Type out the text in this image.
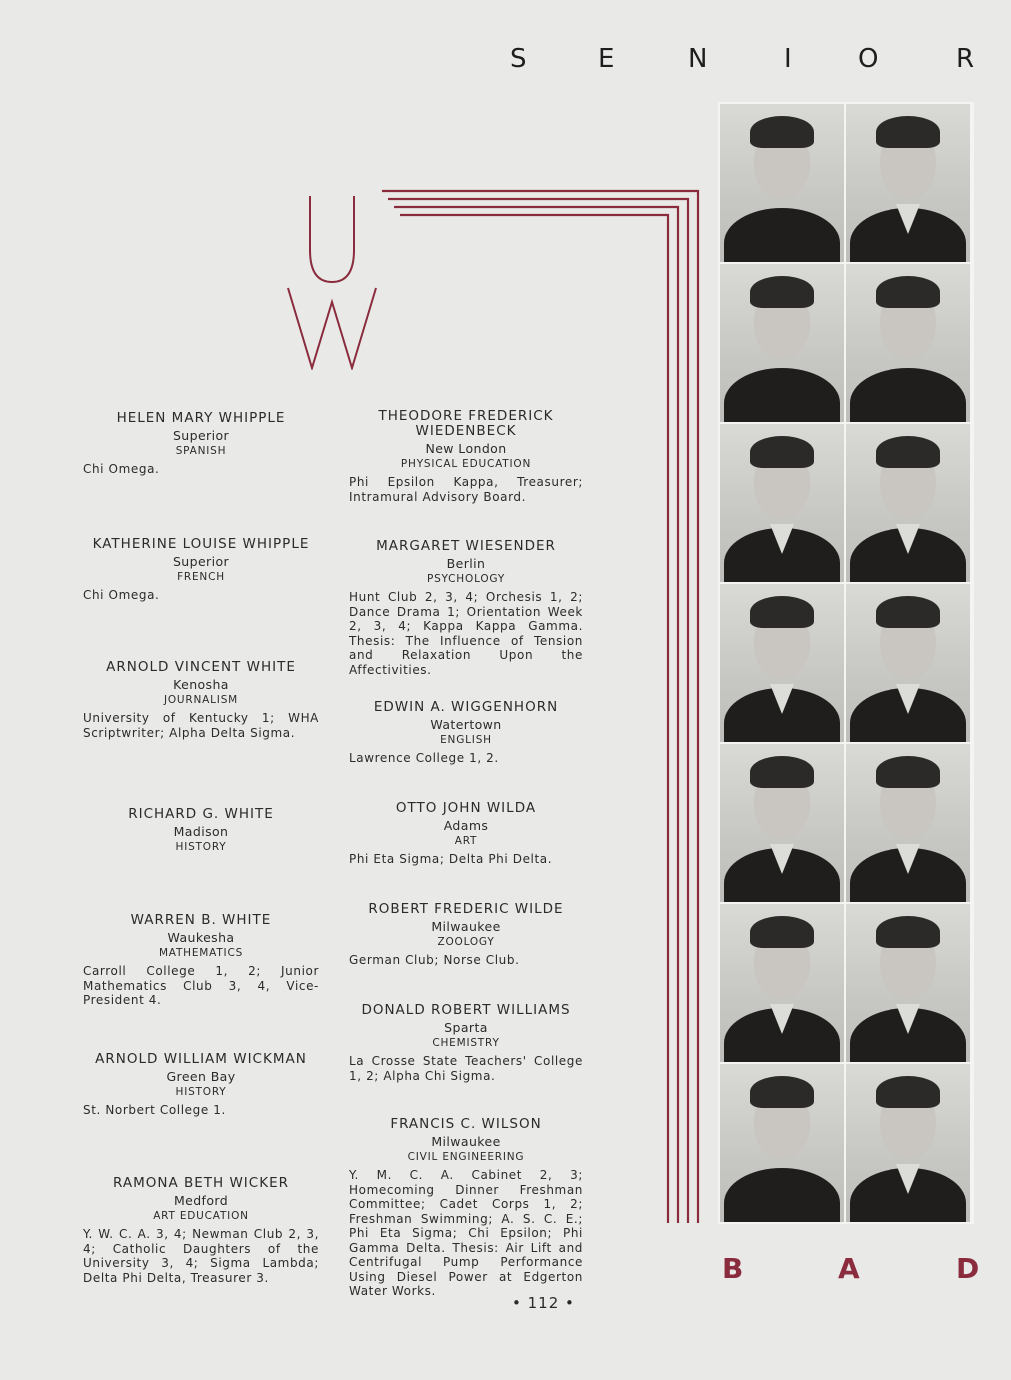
S	E	N	I	O	R
HELEN MARY WHIPPLE
Superior
SPANISH
Chi Omega.
KATHERINE LOUISE WHIPPLE
Superior
FRENCH
Chi Omega.
ARNOLD VINCENT WHITE
Kenosha
JOURNALISM
University of Kentucky 1; WHA Scriptwriter; Alpha Delta Sigma.
RICHARD G. WHITE
Madison
HISTORY
WARREN B. WHITE
Waukesha
MATHEMATICS
Carroll College 1, 2; Junior Mathematics Club 3, 4, Vice-President 4.
ARNOLD WILLIAM WICKMAN
Green Bay
HISTORY
St. Norbert College 1.
RAMONA BETH WICKER
Medford
ART EDUCATION
Y. W. C. A. 3, 4; Newman Club 2, 3, 4; Catholic Daughters of the University 3, 4; Sigma Lambda; Delta Phi Delta, Treasurer 3.
THEODORE FREDERICK WIEDENBECK
New London
PHYSICAL EDUCATION
Phi Epsilon Kappa, Treasurer; Intramural Advisory Board.
MARGARET WIESENDER
Berlin
PSYCHOLOGY
Hunt Club 2, 3, 4; Orchesis 1, 2; Dance Drama 1; Orientation Week 2, 3, 4; Kappa Kappa Gamma. Thesis: The Influence of Tension and Relaxation Upon the Affectivities.
EDWIN A. WIGGENHORN
Watertown
ENGLISH
Lawrence College 1, 2.
OTTO JOHN WILDA
Adams
ART
Phi Eta Sigma; Delta Phi Delta.
ROBERT FREDERIC WILDE
Milwaukee
ZOOLOGY
German Club; Norse Club.
DONALD ROBERT WILLIAMS
Sparta
CHEMISTRY
La Crosse State Teachers' College 1, 2; Alpha Chi Sigma.
FRANCIS C. WILSON
Milwaukee
CIVIL ENGINEERING
Y. M. C. A. Cabinet 2, 3; Homecoming Dinner Freshman Committee; Cadet Corps 1, 2; Freshman Swimming; A. S. C. E.; Phi Eta Sigma; Chi Epsilon; Phi Gamma Delta. Thesis: Air Lift and Centrifugal Pump Performance Using Diesel Power at Edgerton Water Works.
B	A	D
• 112 •
